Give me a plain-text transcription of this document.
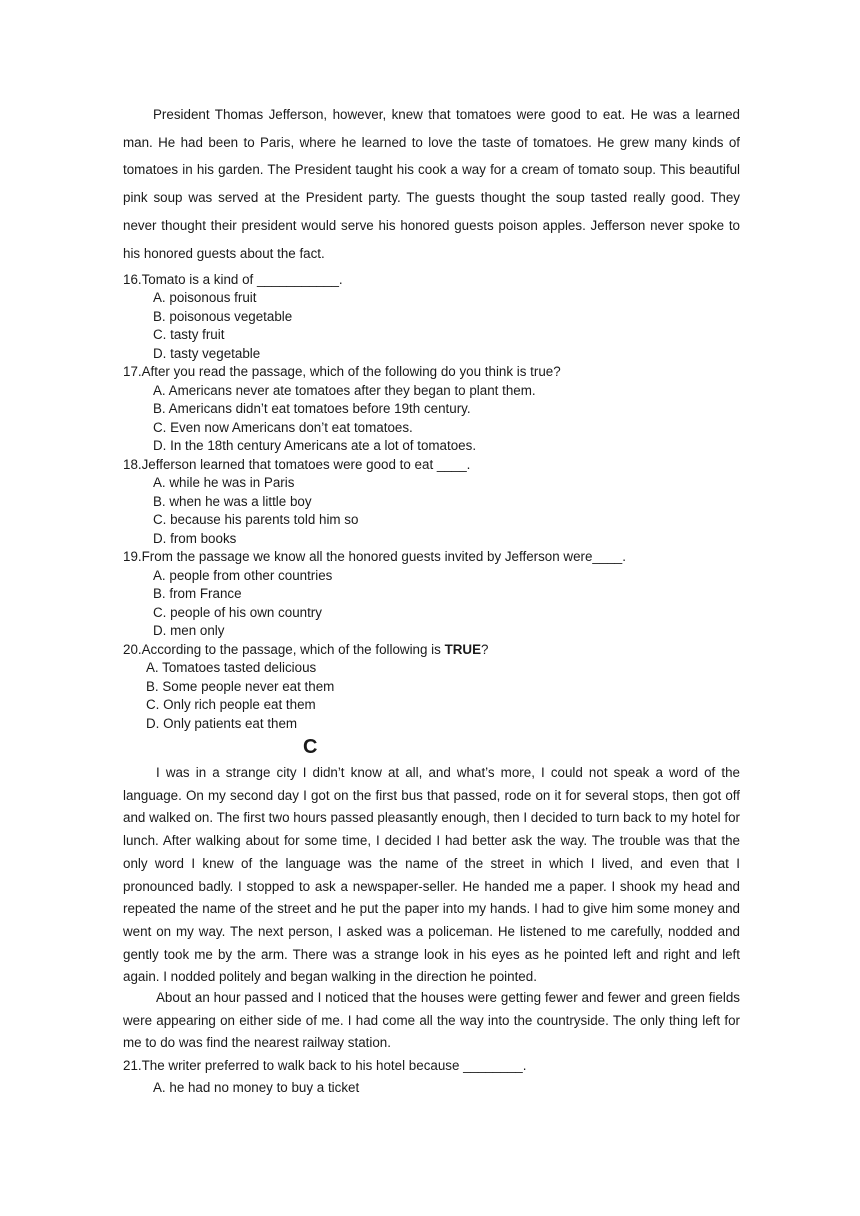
President Thomas Jefferson, however, knew that tomatoes were good to eat. He was a learned man. He had been to Paris, where he learned to love the taste of tomatoes. He grew many kinds of tomatoes in his garden. The President taught his cook a way for a cream of tomato soup. This beautiful pink soup was served at the President party. The guests thought the soup tasted really good. They never thought their president would serve his honored guests poison apples. Jefferson never spoke to his honored guests about the fact.
16.Tomato is a kind of ___________.
A. poisonous fruit
B. poisonous vegetable
C. tasty fruit
D. tasty vegetable
17.After you read the passage, which of the following do you think is true?
A. Americans never ate tomatoes after they began to plant them.
B. Americans didn’t eat tomatoes before 19th century.
C. Even now Americans don’t eat tomatoes.
D. In the 18th century Americans ate a lot of tomatoes.
18.Jefferson learned that tomatoes were good to eat ____.
A. while he was in Paris
B. when he was a little boy
C. because his parents told him so
D. from books
19.From the passage we know all the honored guests invited by Jefferson were____.
A. people from other countries
B. from France
C. people of his own country
D. men only
20.According to the passage, which of the following is TRUE?
A. Tomatoes tasted delicious
B. Some people never eat them
C. Only rich people eat them
D. Only patients eat them
C
I was in a strange city I didn’t know at all, and what’s more, I could not speak a word of the language. On my second day I got on the first bus that passed, rode on it for several stops, then got off and walked on. The first two hours passed pleasantly enough, then I decided to turn back to my hotel for lunch. After walking about for some time, I decided I had better ask the way. The trouble was that the only word I knew of the language was the name of the street in which I lived, and even that I pronounced badly. I stopped to ask a newspaper-seller. He handed me a paper. I shook my head and repeated the name of the street and he put the paper into my hands. I had to give him some money and went on my way. The next person, I asked was a policeman. He listened to me carefully, nodded and gently took me by the arm. There was a strange look in his eyes as he pointed left and right and left again. I nodded politely and began walking in the direction he pointed.
About an hour passed and I noticed that the houses were getting fewer and fewer and green fields were appearing on either side of me. I had come all the way into the countryside. The only thing left for me to do was find the nearest railway station.
21.The writer preferred to walk back to his hotel because ________.
A. he had no money to buy a ticket
